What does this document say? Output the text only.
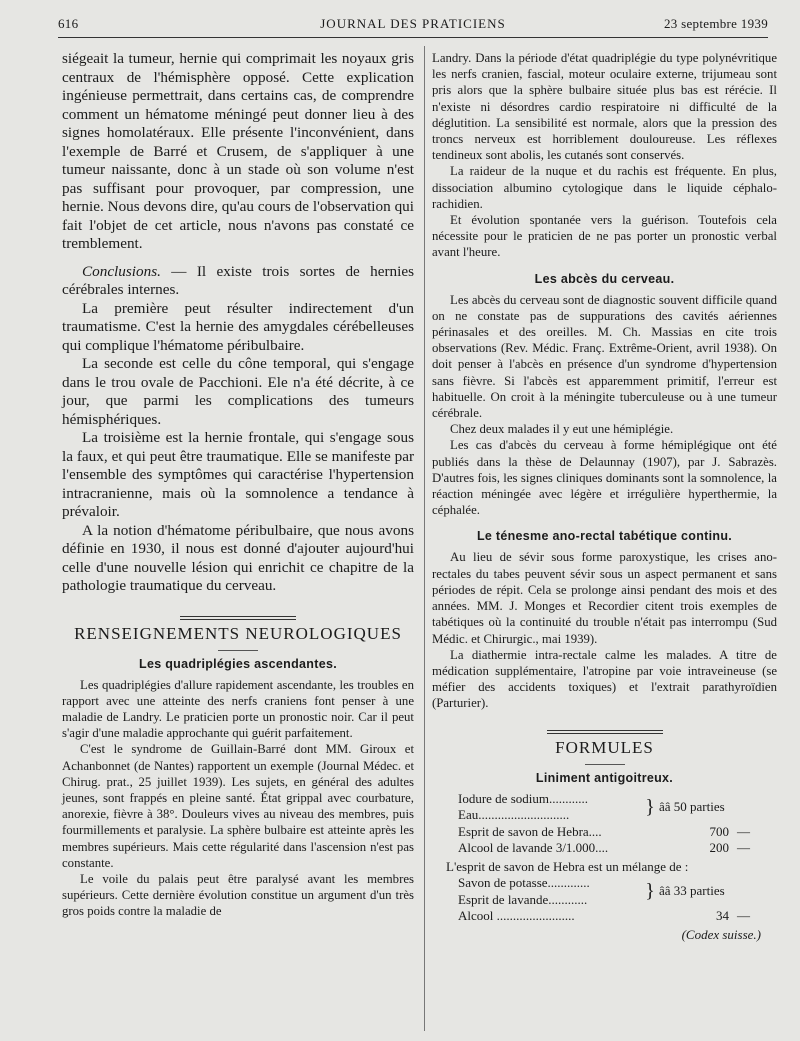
616	JOURNAL DES PRATICIENS	23 septembre 1939

siégeait la tumeur, hernie qui comprimait les noyaux gris centraux de l'hémisphère opposé. Cette explication ingénieuse permettrait, dans certains cas, de comprendre comment un hématome méningé peut donner lieu à des signes homolatéraux. Elle présente l'inconvénient, dans l'exemple de Barré et Crusem, de s'appliquer à une tumeur naissante, donc à un stade où son volume n'est pas suffisant pour provoquer, par compression, une hernie. Nous devons dire, qu'au cours de l'observation qui fait l'objet de cet article, nous n'avons pas constaté ce tremblement.

Conclusions. — Il existe trois sortes de hernies cérébrales internes.

La première peut résulter indirectement d'un traumatisme. C'est la hernie des amygdales cérébelleuses qui complique l'hématome péribulbaire.

La seconde est celle du cône temporal, qui s'engage dans le trou ovale de Pacchioni. Ele n'a été décrite, à ce jour, que parmi les complications des tumeurs hémisphériques.

La troisième est la hernie frontale, qui s'engage sous la faux, et qui peut être traumatique. Elle se manifeste par l'ensemble des symptômes qui caractérise l'hypertension intracranienne, mais où la somnolence a tendance à prévaloir.

A la notion d'hématome péribulbaire, que nous avons définie en 1930, il nous est donné d'ajouter aujourd'hui celle d'une nouvelle lésion qui enrichit ce chapitre de la pathologie traumatique du cerveau.

RENSEIGNEMENTS NEUROLOGIQUES
Les quadriplégies ascendantes.

Les quadriplégies d'allure rapidement ascendante, les troubles en rapport avec une atteinte des nerfs craniens font penser à une maladie de Landry. Le praticien porte un pronostic noir. Car il peut s'agir d'une maladie approchante qui guérit parfaitement.

C'est le syndrome de Guillain-Barré dont MM. Giroux et Achanbonnet (de Nantes) rapportent un exemple (Journal Médec. et Chirug. prat., 25 juillet 1939). Les sujets, en général des adultes jeunes, sont frappés en pleine santé. État grippal avec courbature, anorexie, fièvre à 38°. Douleurs vives au niveau des membres, puis fourmillements et paralysie. La sphère bulbaire est atteinte après les membres supérieurs. Mais cette régularité dans l'ascension n'est pas constante.

Le voile du palais peut être paralysé avant les membres supérieurs. Cette dernière évolution constitue un argument d'un très gros poids contre la maladie de

Landry. Dans la période d'état quadriplégie du type polynévritique les nerfs cranien, fascial, moteur oculaire externe, trijumeau sont pris alors que la sphère bulbaire située plus bas est rérécie. Il n'existe ni désordres cardio respiratoire ni difficulté de la déglutition. La sensibilité est normale, alors que la pression des troncs nerveux est horriblement douloureuse. Les réflexes tendineux sont abolis, les cutanés sont conservés.

La raideur de la nuque et du rachis est fréquente. En plus, dissociation albumino cytologique dans le liquide céphalo-rachidien.

Et évolution spontanée vers la guérison. Toutefois cela nécessite pour le praticien de ne pas porter un pronostic verbal avant l'heure.

Les abcès du cerveau.

Les abcès du cerveau sont de diagnostic souvent difficile quand on ne constate pas de suppurations des cavités aériennes périnasales et des oreilles. M. Ch. Massias en cite trois observations (Rev. Médic. Franç. Extrême-Orient, avril 1938). On doit penser à l'abcès en présence d'un syndrome d'hypertension sans fièvre. Si l'abcès est apparemment primitif, l'erreur est habituelle. On croit à la méningite tuberculeuse ou à une tumeur cérébrale.

Chez deux malades il y eut une hémiplégie.

Les cas d'abcès du cerveau à forme hémiplégique ont été publiés dans la thèse de Delaunnay (1907), par J. Sabrazès. D'autres fois, les signes cliniques dominants sont la somnolence, la réaction méningée avec légère et irrégulière hyperthermie, la céphalée.

Le ténesme ano-rectal tabétique continu.

Au lieu de sévir sous forme paroxystique, les crises ano-rectales du tabes peuvent sévir sous un aspect permanent et sans périodes de répit. Cela se prolonge ainsi pendant des mois et des années. MM. J. Monges et Recordier citent trois exemples de tabétiques où la continuité du trouble n'était pas interrompu (Sud Médic. et Chirurgic., mai 1939).

La diathermie intra-rectale calme les malades. A titre de médication supplémentaire, l'atropine par voie intraveineuse (se méfier des accidents toxiques) et l'extrait parathyroïdien (Parturier).

FORMULES
Liniment antigoitreux.
Iodure de sodium............	}	ââ 50 parties	
Eau............................			
Esprit de savon de Hebra....		700	—
Alcool de lavande 3/1.000....		200	—
L'esprit de savon de Hebra est un mélange de :
Savon de potasse.............	}	ââ 33 parties	
Esprit de lavande............			
Alcool ........................		34	—
(Codex suisse.)
